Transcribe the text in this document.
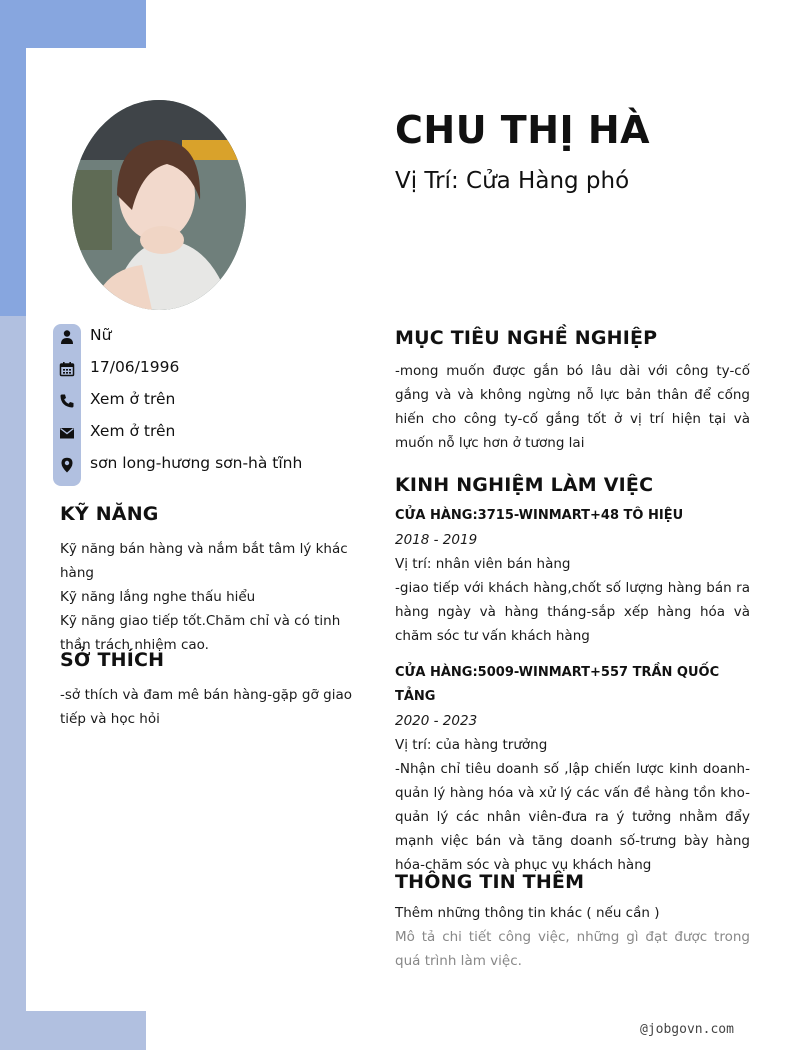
CHU THỊ HÀ
Vị Trí: Cửa Hàng phó
Nữ
17/06/1996
Xem ở trên
Xem ở trên
sơn long-hương sơn-hà tĩnh
KỸ NĂNG
Kỹ năng bán hàng và nắm bắt tâm lý khác hàng
Kỹ năng lắng nghe thấu hiểu
Kỹ năng giao tiếp tốt.Chăm chỉ và có tinh thần trách nhiệm cao.
SỞ THÍCH
-sở thích và đam mê bán hàng-gặp gỡ giao tiếp và học hỏi
MỤC TIÊU NGHỀ NGHIỆP
-mong muốn được gắn bó lâu dài với công ty-cố gắng và và không ngừng nỗ lực bản thân để cống hiến cho công ty-cố gắng tốt ở vị trí hiện tại và muốn nỗ lực hơn ở tương lai
KINH NGHIỆM LÀM VIỆC
CỬA HÀNG:3715-WINMART+48 TÔ HIỆU
2018 - 2019
Vị trí: nhân viên bán hàng
-giao tiếp với khách hàng,chốt số lượng hàng bán ra hàng ngày và hàng tháng-sắp xếp hàng hóa và chăm sóc tư vấn khách hàng
CỬA HÀNG:5009-WINMART+557 TRẦN QUỐC TẢNG
2020 - 2023
Vị trí: của hàng trưởng
-Nhận chỉ tiêu doanh số ,lập chiến lược kinh doanh-quản lý hàng hóa và xử lý các vấn đề hàng tồn kho-quản lý các nhân viên-đưa ra ý tưởng nhằm đẩy mạnh việc bán và tăng doanh số-trưng bày hàng hóa-chăm sóc và phục vụ khách hàng
THÔNG TIN THÊM
Thêm những thông tin khác ( nếu cần )
Mô tả chi tiết công việc, những gì đạt được trong quá trình làm việc.
@jobgovn.com
